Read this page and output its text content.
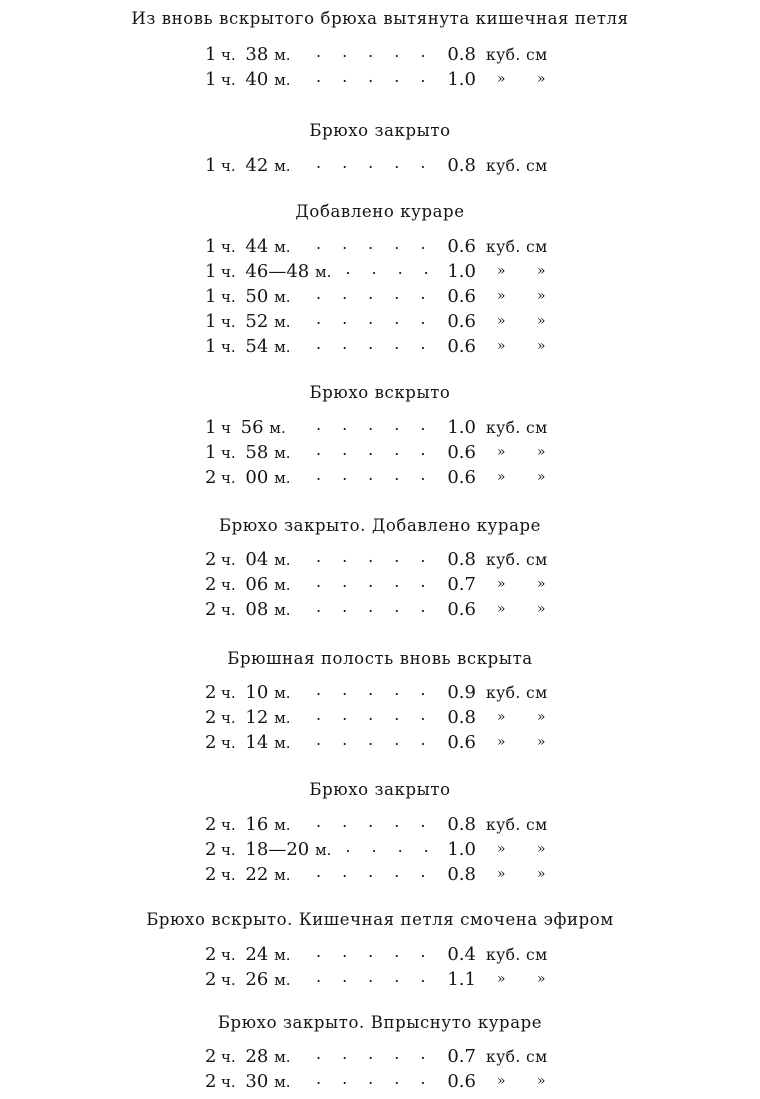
Из вновь вскрытого брюха вытянута кишечная петля
1 ч. 38 м. ..... 0.8 куб. см
1 ч. 40 м. ..... 1.0 » »
Брюхо закрыто
1 ч. 42 м. ..... 0.8 куб. см
Добавлено кураре
1 ч. 44 м. ..... 0.6 куб. см
1 ч. 46—48 м. ....
1.0 » »
1 ч. 50 м. ..... 0.6 » »
1 ч. 52 м. ..... 0.6 » »
1 ч. 54 м. ..... 0.6 » »
Брюхо вскрыто
1 ч 56 м. ..... 1.0 куб. см
1 ч. 58 м. ..... 0.6 » »
2 ч. 00 м. ..... 0.6 » »
Брюхо закрыто. Добавлено кураре
2 ч. 04 м. ..... 0.8 куб. см
2 ч. 06 м. ..... 0.7 » »
2 ч. 08 м. ..... 0.6 » »
Брюшная полость вновь вскрыта
2 ч. 10 м. ..... 0.9 куб. см
2 ч. 12 м. ..... 0.8 » »
2 ч. 14 м. ..... 0.6 » »
Брюхо закрыто
2 ч. 16 м. ..... 0.8 куб. см
2 ч. 18—20 м. ....
1.0 » »
2 ч. 22 м. ..... 0.8 » »
Брюхо вскрыто. Кишечная петля смочена эфиром
2 ч. 24 м. ..... 0.4 куб. см
2 ч. 26 м. ..... 1.1 » »
Брюхо закрыто. Впрыснуто кураре
2 ч. 28 м. ..... 0.7 куб. см
2 ч. 30 м. ..... 0.6 » »
